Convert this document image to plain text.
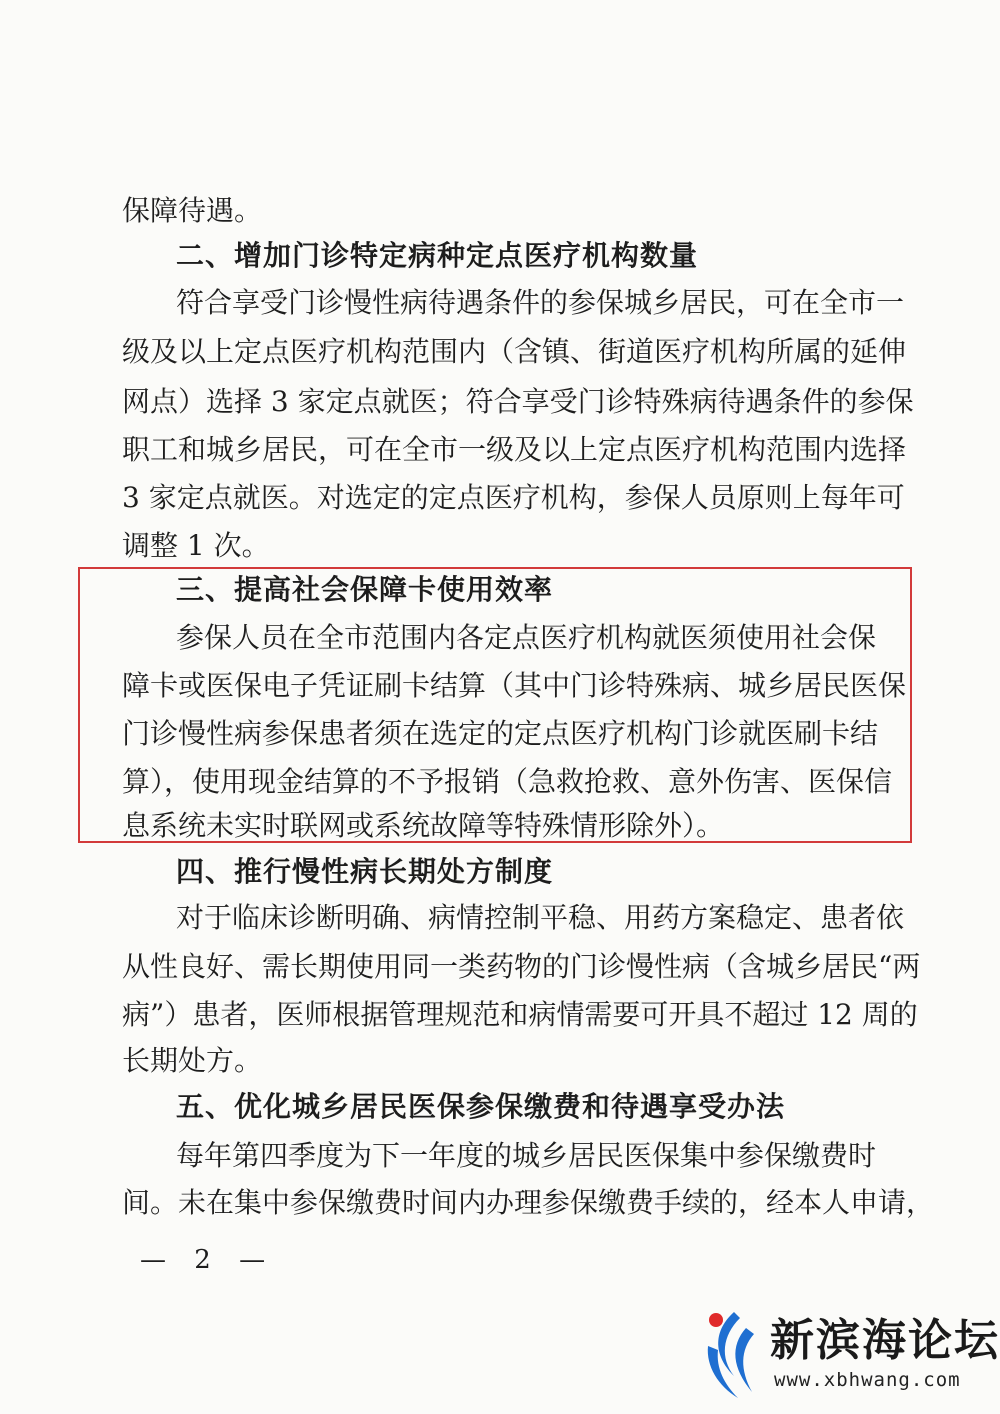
保障待遇。
二、增加门诊特定病种定点医疗机构数量
符合享受门诊慢性病待遇条件的参保城乡居民，可在全市一
级及以上定点医疗机构范围内（含镇、街道医疗机构所属的延伸
网点）选择 3 家定点就医；符合享受门诊特殊病待遇条件的参保
职工和城乡居民，可在全市一级及以上定点医疗机构范围内选择
3 家定点就医。对选定的定点医疗机构，参保人员原则上每年可
调整 1 次。
三、提高社会保障卡使用效率
参保人员在全市范围内各定点医疗机构就医须使用社会保
障卡或医保电子凭证刷卡结算（其中门诊特殊病、城乡居民医保
门诊慢性病参保患者须在选定的定点医疗机构门诊就医刷卡结
算），使用现金结算的不予报销（急救抢救、意外伤害、医保信
息系统未实时联网或系统故障等特殊情形除外）。
四、推行慢性病长期处方制度
对于临床诊断明确、病情控制平稳、用药方案稳定、患者依
从性良好、需长期使用同一类药物的门诊慢性病（含城乡居民“两
病”）患者，医师根据管理规范和病情需要可开具不超过 12 周的
长期处方。
五、优化城乡居民医保参保缴费和待遇享受办法
每年第四季度为下一年度的城乡居民医保集中参保缴费时
间。未在集中参保缴费时间内办理参保缴费手续的，经本人申请，
— 2 —
新滨海论坛
www.xbhwang.com
